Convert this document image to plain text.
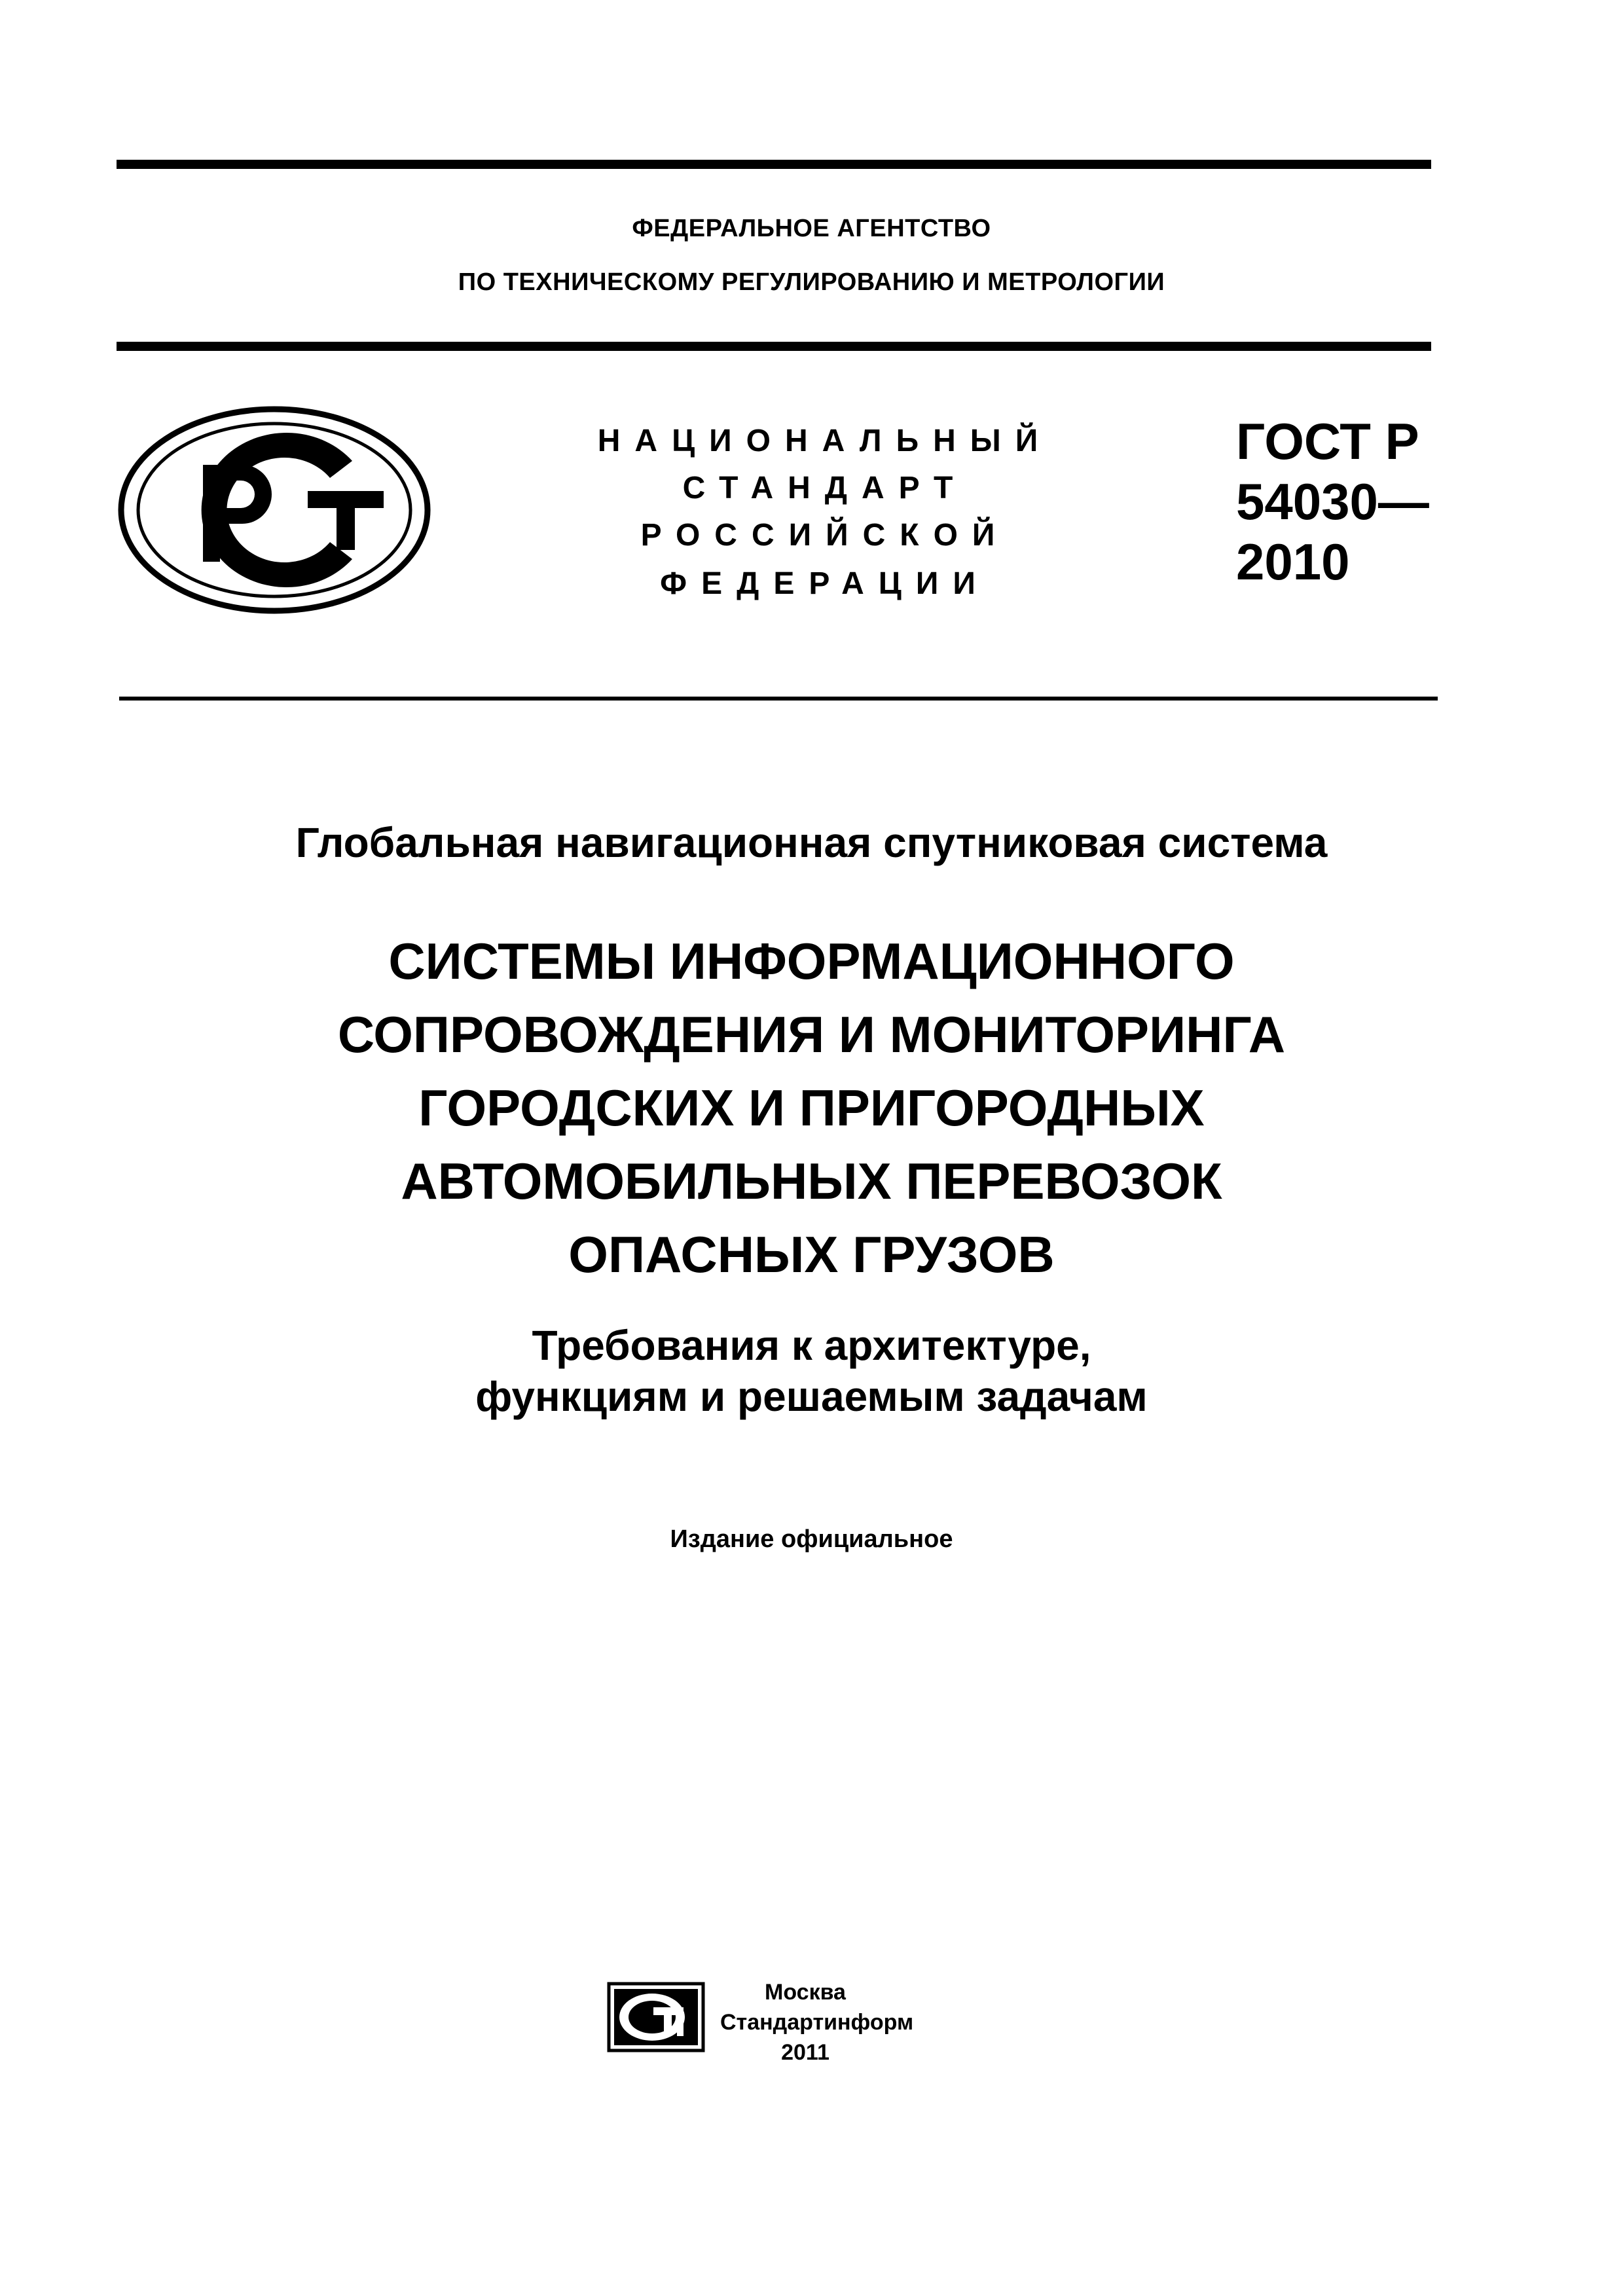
ФЕДЕРАЛЬНОЕ АГЕНТСТВО
ПО ТЕХНИЧЕСКОМУ РЕГУЛИРОВАНИЮ И МЕТРОЛОГИИ
НАЦИОНАЛЬНЫЙ
СТАНДАРТ
РОССИЙСКОЙ
ФЕДЕРАЦИИ
ГОСТ Р
54030—
2010
Глобальная навигационная спутниковая система
СИСТЕМЫ ИНФОРМАЦИОННОГО
СОПРОВОЖДЕНИЯ И МОНИТОРИНГА
ГОРОДСКИХ И ПРИГОРОДНЫХ
АВТОМОБИЛЬНЫХ ПЕРЕВОЗОК
ОПАСНЫХ ГРУЗОВ
Требования к архитектуре,
функциям и решаемым задачам
Издание официальное
Москва
Стандартинформ
2011
